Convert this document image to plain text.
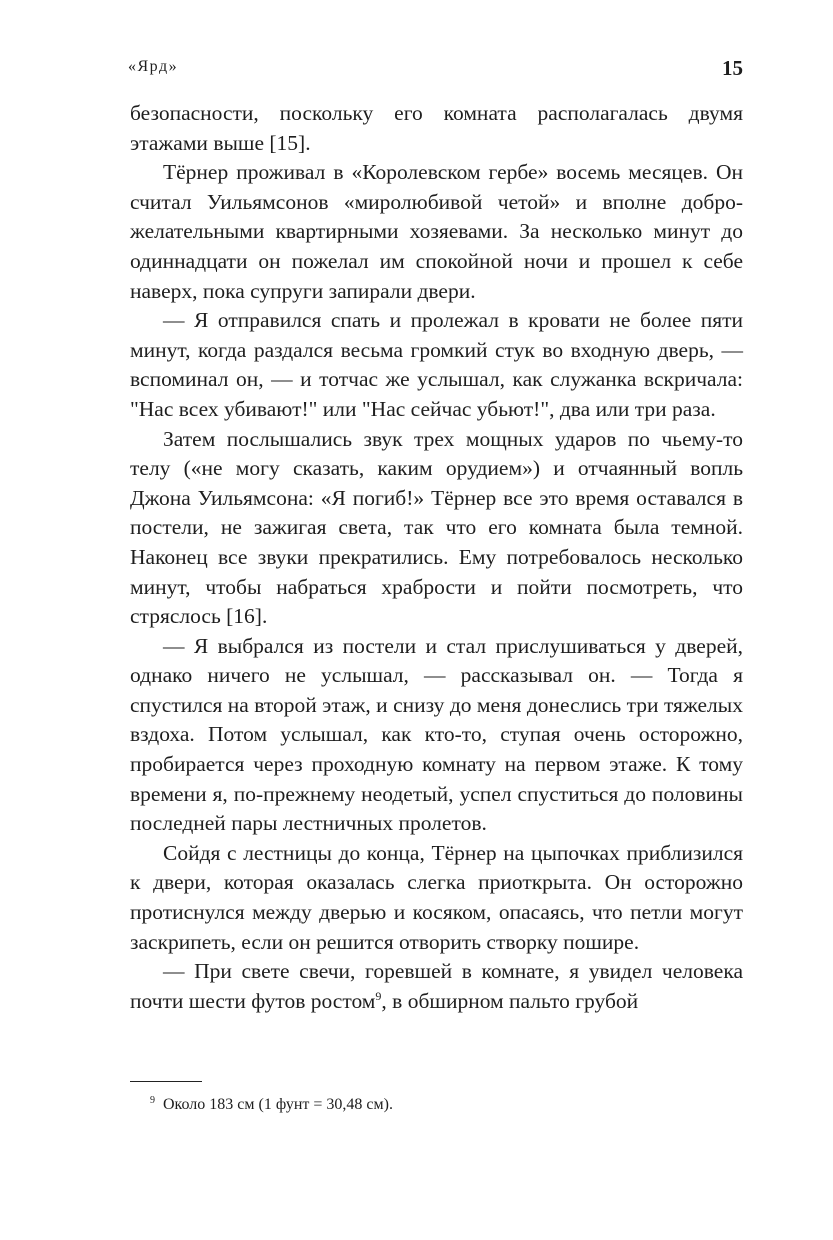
«Ярд»	15

безопасности, поскольку его комната располагалась двумя этажами выше [15].

Тёрнер проживал в «Королевском гербе» восемь месяцев. Он считал Уильямсонов «миролюбивой четой» и вполне доброжелательными квартирными хозяевами. За несколько минут до одиннадцати он пожелал им спокойной ночи и прошел к себе наверх, пока супруги запирали двери.

— Я отправился спать и пролежал в кровати не более пяти минут, когда раздался весьма громкий стук во входную дверь, — вспоминал он, — и тотчас же услышал, как служанка вскричала: "Нас всех убивают!" или "Нас сейчас убьют!", два или три раза.

Затем послышались звук трех мощных ударов по чьему-то телу («не могу сказать, каким орудием») и отчаянный вопль Джона Уильямсона: «Я погиб!» Тёрнер все это время оставался в постели, не зажигая света, так что его комната была темной. Наконец все звуки прекратились. Ему потребовалось несколько минут, чтобы набраться храбрости и пойти посмотреть, что стряслось [16].

— Я выбрался из постели и стал прислушиваться у дверей, однако ничего не услышал, — рассказывал он. — Тогда я спустился на второй этаж, и снизу до меня донеслись три тяжелых вздоха. Потом услышал, как кто-то, ступая очень осторожно, пробирается через проходную комнату на первом этаже. К тому времени я, по-прежнему неодетый, успел спуститься до половины последней пары лестничных пролетов.

Сойдя с лестницы до конца, Тёрнер на цыпочках приблизился к двери, которая оказалась слегка приоткрыта. Он осторожно протиснулся между дверью и косяком, опасаясь, что петли могут заскрипеть, если он решится отворить створку пошире.

— При свете свечи, горевшей в комнате, я увидел человека почти шести футов ростом$^9$, в обширном пальто грубой

$^9$ Около 183 см (1 фунт = 30,48 см).
